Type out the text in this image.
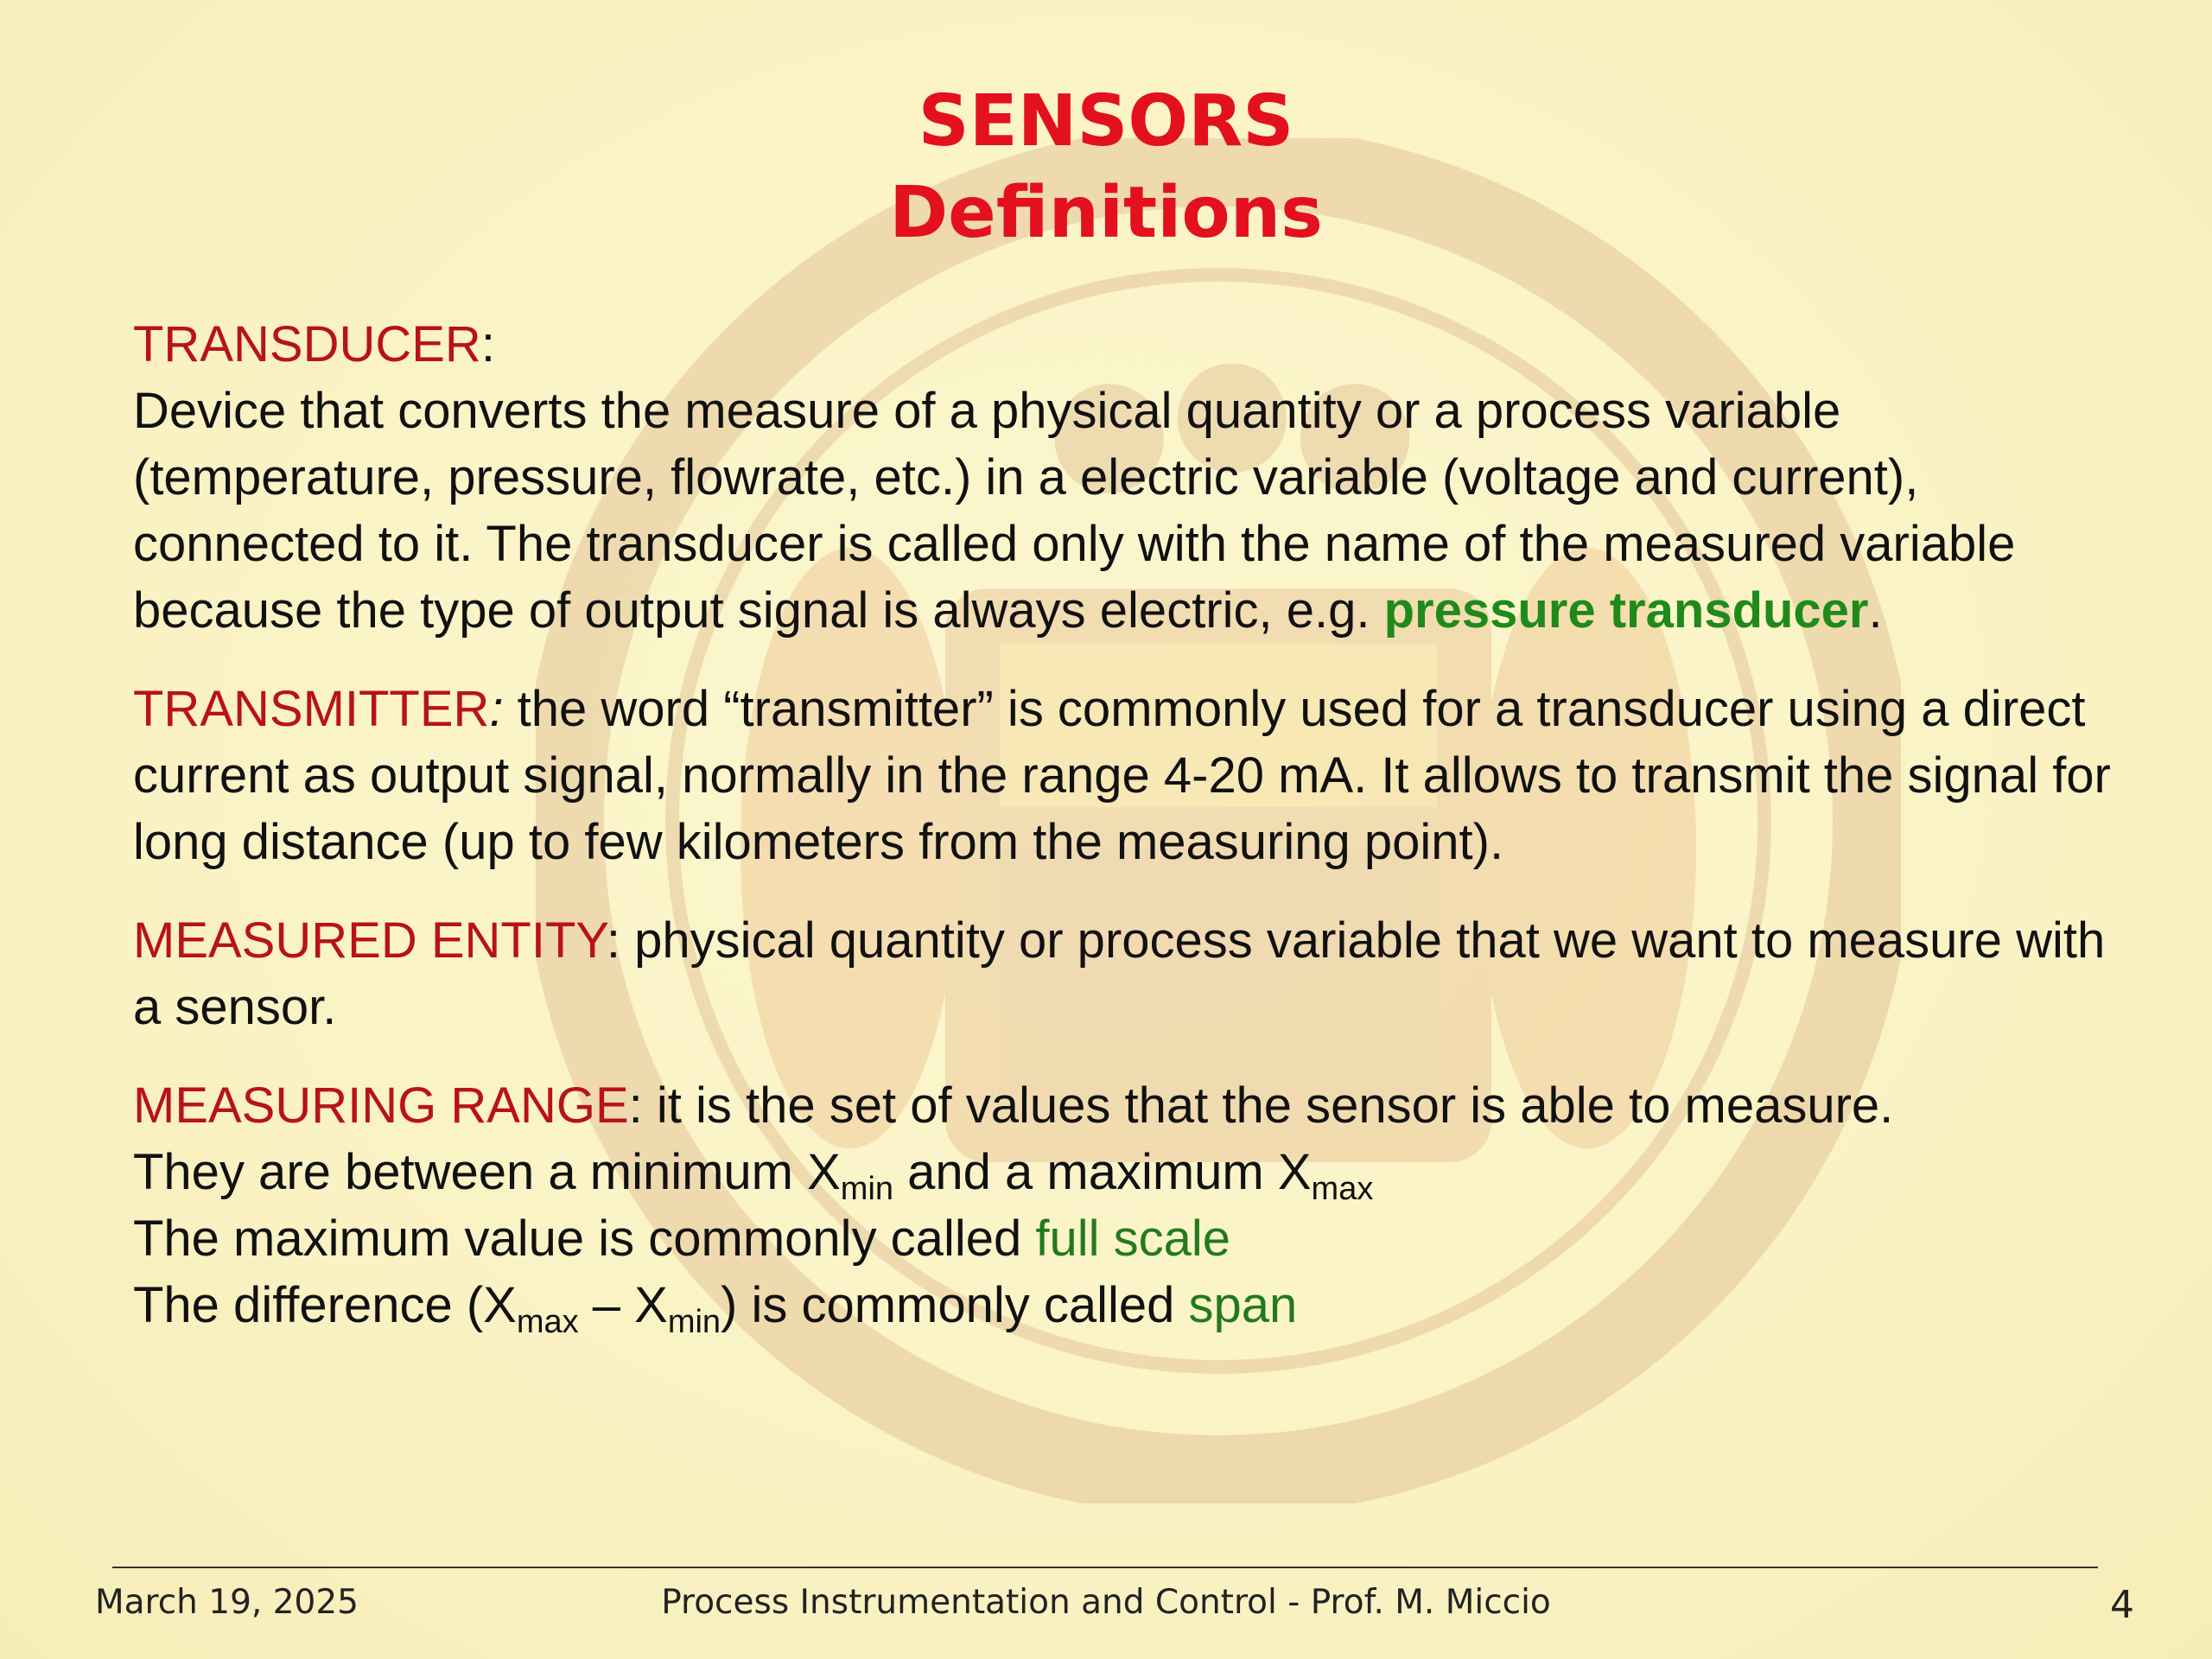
SENSORS
Definitions

TRANSDUCER:
Device that converts the measure of a physical quantity or a process variable (temperature, pressure, flowrate, etc.) in a electric variable (voltage and current), connected to it. The transducer is called only with the name of the measured variable because the type of output signal is always electric, e.g. pressure transducer.

TRANSMITTER: the word “transmitter” is commonly used for a transducer using a direct current as output signal, normally in the range 4-20 mA. It allows to transmit the signal for long distance (up to few kilometers from the measuring point).

MEASURED ENTITY: physical quantity or process variable that we want to measure with a sensor.

MEASURING RANGE: it is the set of values that the sensor is able to measure.
They are between a minimum $X_{min}$ and a maximum $X_{max}$
The maximum value is commonly called full scale
The difference $(X_{max} - X_{min})$ is commonly called span

March 19, 2025	Process Instrumentation and Control - Prof. M. Miccio	4
